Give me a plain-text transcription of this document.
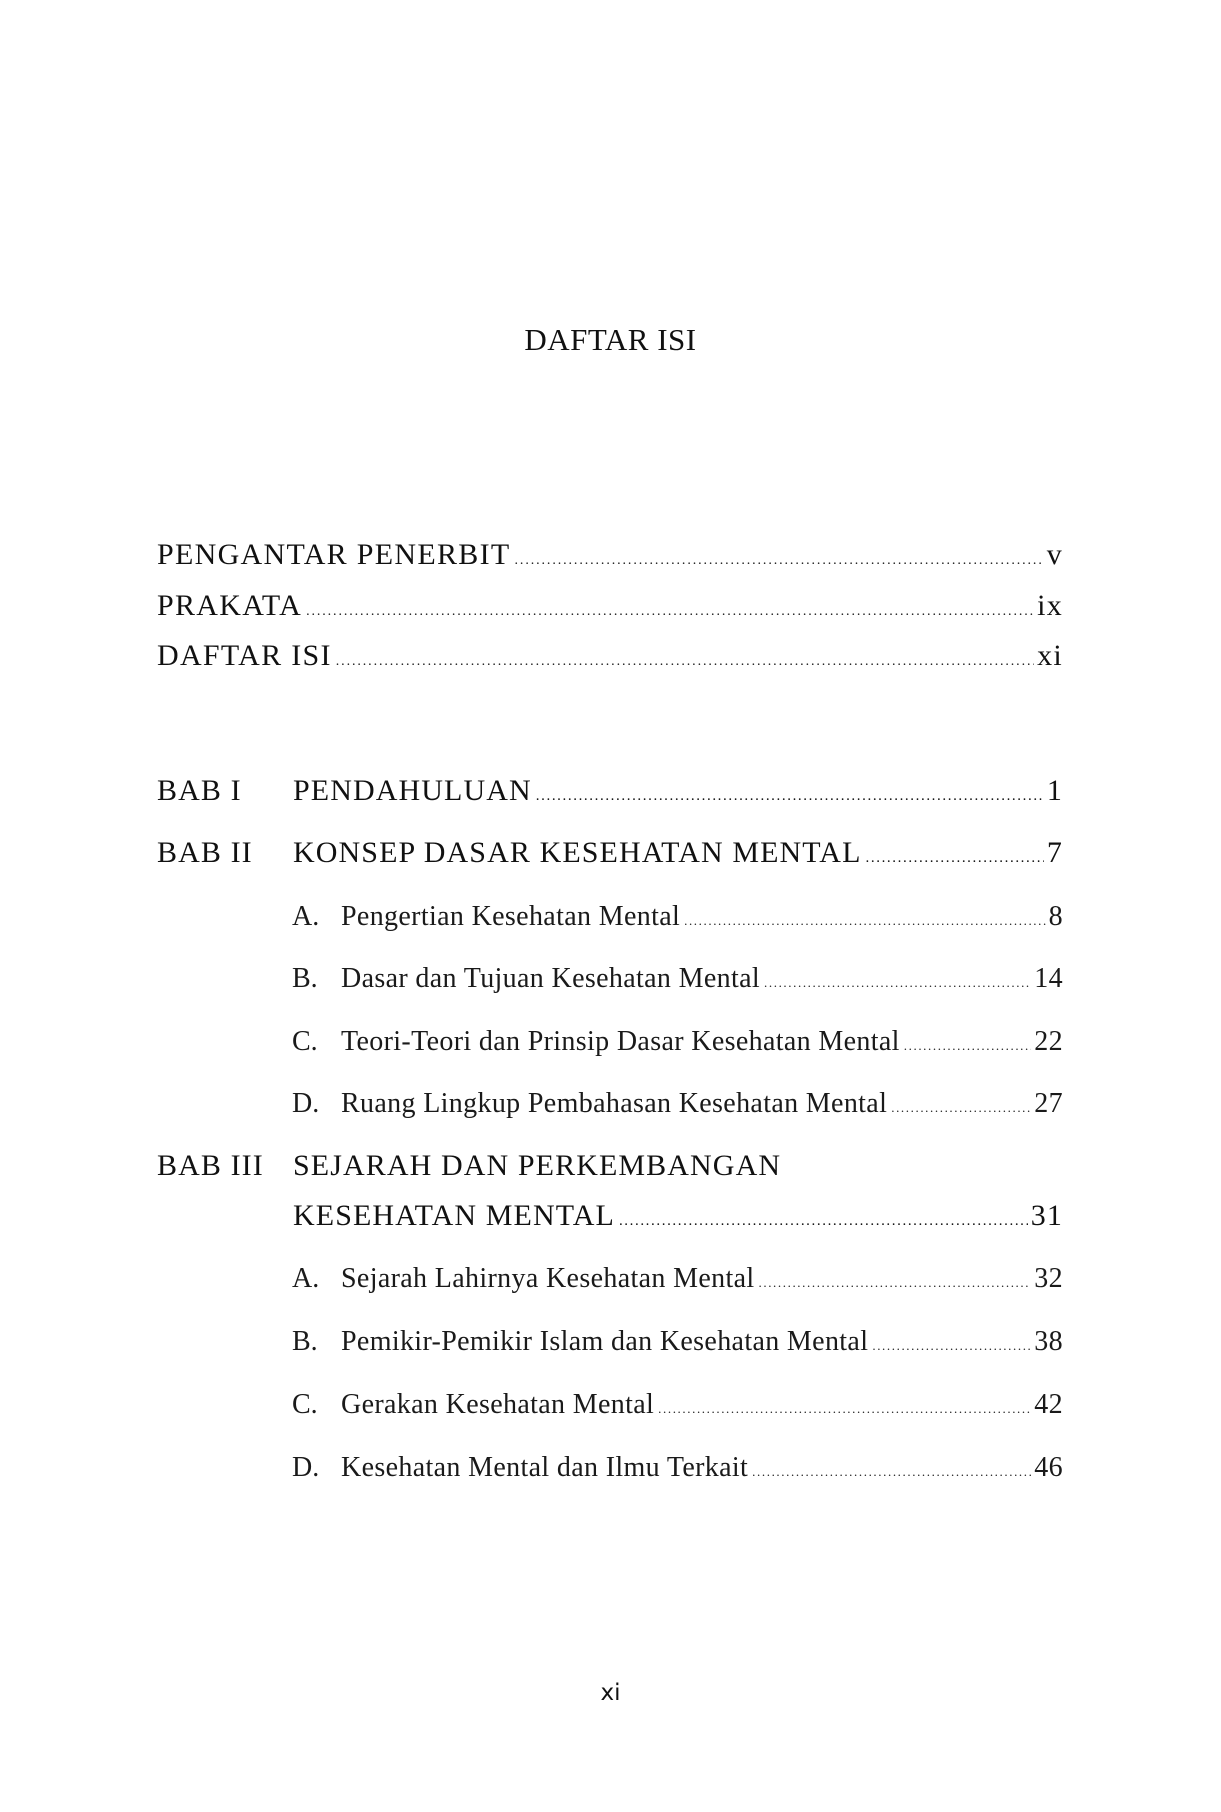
DAFTAR ISI
PENGANTAR PENERBIT .....	v
PRAKATA .....	ix
DAFTAR ISI .....	xi
BAB I PENDAHULUAN .....	1
BAB II KONSEP DASAR KESEHATAN MENTAL .....	7
A. Pengertian Kesehatan Mental .....	8
B. Dasar dan Tujuan Kesehatan Mental .....	14
C. Teori-Teori dan Prinsip Dasar Kesehatan Mental .....	22
D. Ruang Lingkup Pembahasan Kesehatan Mental .....	27
BAB III SEJARAH DAN PERKEMBANGAN
KESEHATAN MENTAL .....	31
A. Sejarah Lahirnya Kesehatan Mental .....	32
B. Pemikir-Pemikir Islam dan Kesehatan Mental .....	38
C. Gerakan Kesehatan Mental .....	42
D. Kesehatan Mental dan Ilmu Terkait .....	46
xi
